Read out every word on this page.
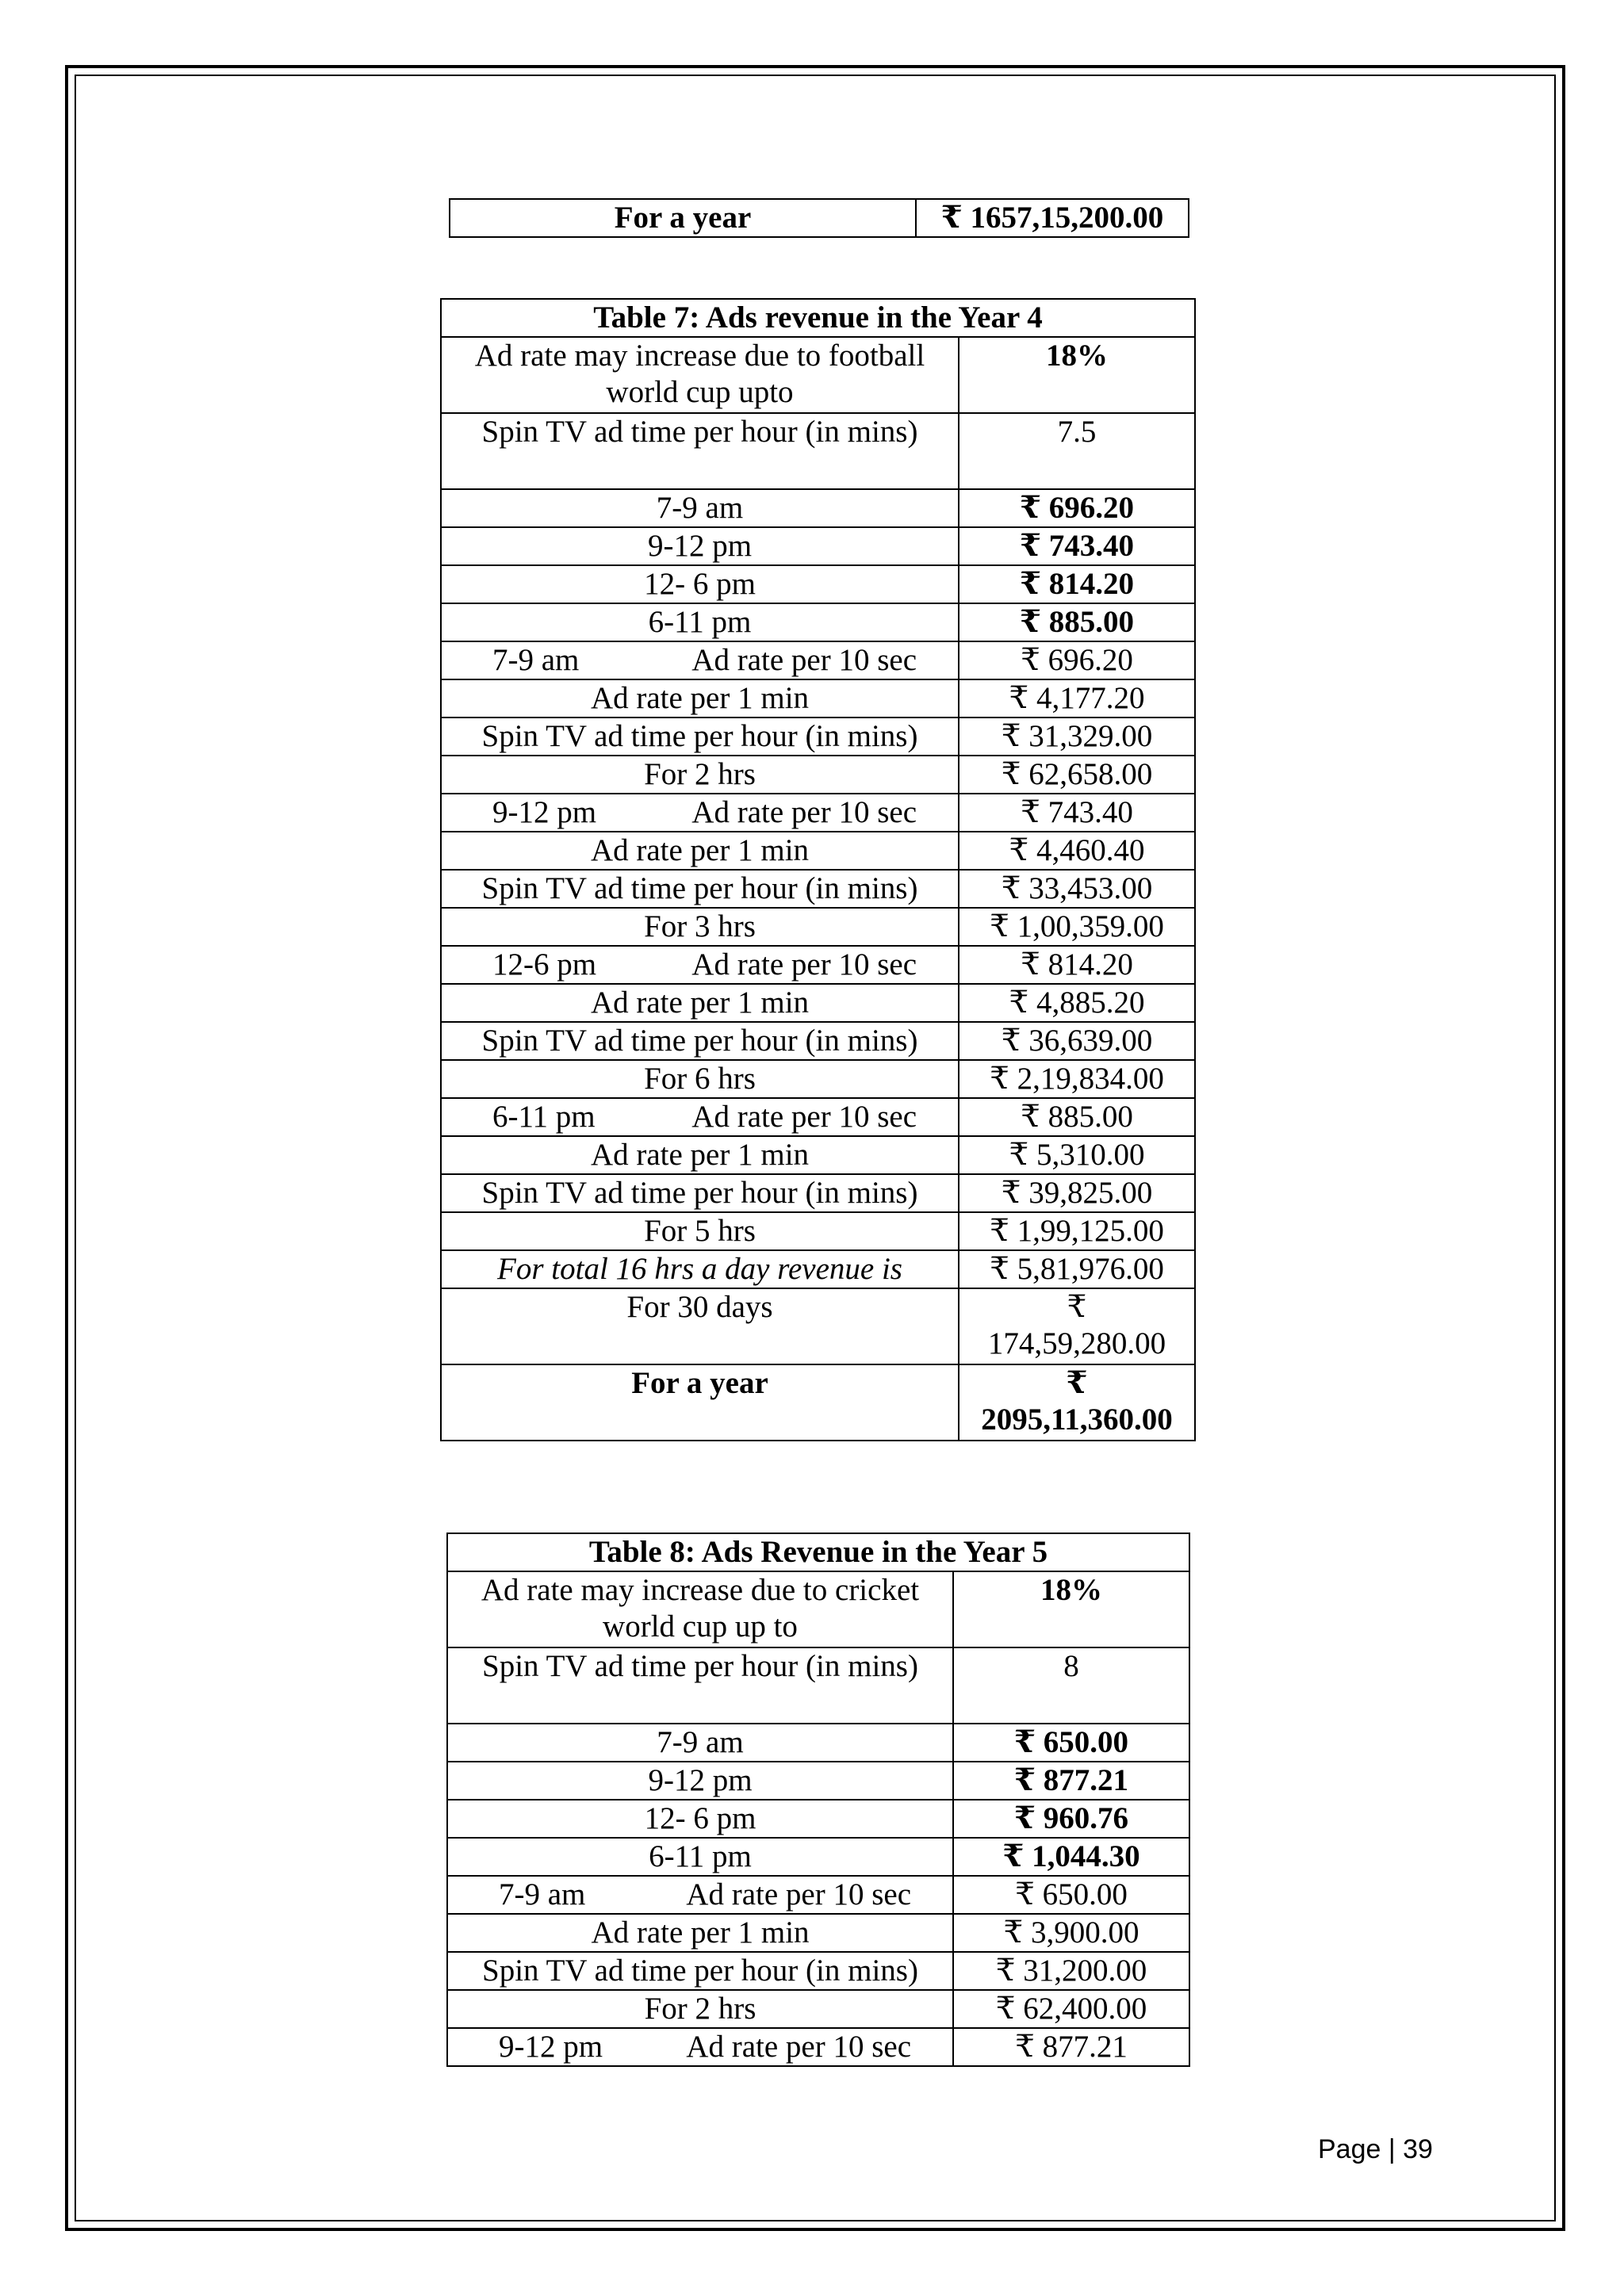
For a year	₹ 1657,15,200.00
Table 7: Ads revenue in the Year 4	
Ad rate may increase due to football world cup upto	18%
Spin TV ad time per hour (in mins)	7.5
7-9 am	₹ 696.20
9-12 pm	₹ 743.40
12- 6 pm	₹ 814.20
6-11 pm	₹ 885.00

7-9 am Ad rate per 10 sec	₹ 696.20
Ad rate per 1 min	₹ 4,177.20
Spin TV ad time per hour (in mins)	₹ 31,329.00
For 2 hrs	₹ 62,658.00

9-12 pm Ad rate per 10 sec	₹ 743.40
Ad rate per 1 min	₹ 4,460.40
Spin TV ad time per hour (in mins)	₹ 33,453.00
For 3 hrs	₹ 1,00,359.00

12-6 pm Ad rate per 10 sec	₹ 814.20
Ad rate per 1 min	₹ 4,885.20
Spin TV ad time per hour (in mins)	₹ 36,639.00
For 6 hrs	₹ 2,19,834.00

6-11 pm Ad rate per 10 sec	₹ 885.00
Ad rate per 1 min	₹ 5,310.00
Spin TV ad time per hour (in mins)	₹ 39,825.00
For 5 hrs	₹ 1,99,125.00
For total 16 hrs a day revenue is	₹ 5,81,976.00
For 30 days	₹ 174,59,280.00
For a year	₹ 2095,11,360.00
Table 8: Ads Revenue in the Year 5	
Ad rate may increase due to cricket world cup up to	18%
Spin TV ad time per hour (in mins)	8
7-9 am	₹ 650.00
9-12 pm	₹ 877.21
12- 6 pm	₹ 960.76
6-11 pm	₹ 1,044.30

7-9 am Ad rate per 10 sec	₹ 650.00
Ad rate per 1 min	₹ 3,900.00
Spin TV ad time per hour (in mins)	₹ 31,200.00
For 2 hrs	₹ 62,400.00

9-12 pm Ad rate per 10 sec	₹ 877.21
Page | 39
